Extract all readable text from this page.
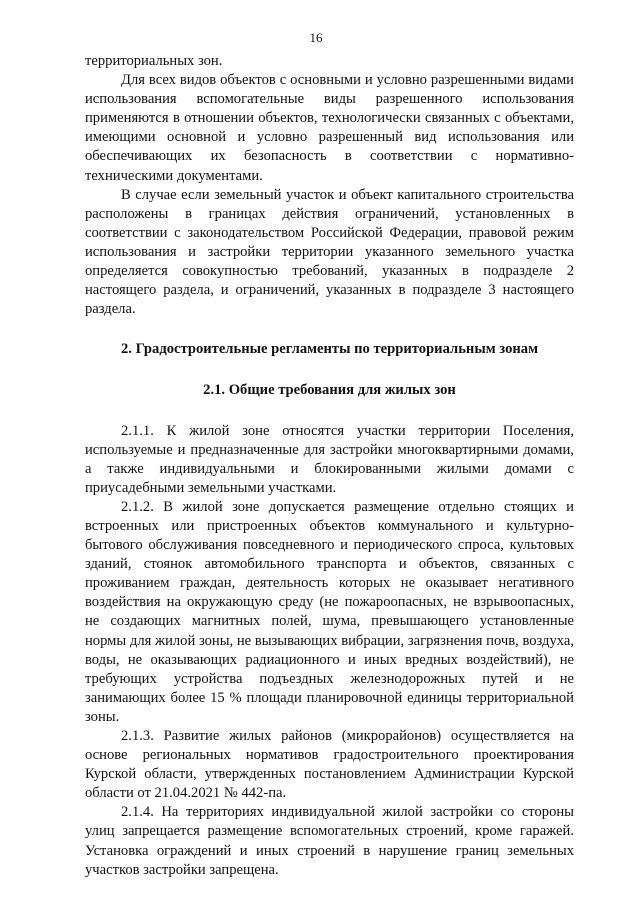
16

территориальных зон.

Для всех видов объектов с основными и условно разрешенными видами использования вспомогательные виды разрешенного использования применяются в отношении объектов, технологически связанных с объектами, имеющими основной и условно разрешенный вид использования или обеспечивающих их безопасность в соответствии с нормативно-техническими документами.

В случае если земельный участок и объект капитального строительства расположены в границах действия ограничений, установленных в соответствии с законодательством Российской Федерации, правовой режим использования и застройки территории указанного земельного участка определяется совокупностью требований, указанных в подразделе 2 настоящего раздела, и ограничений, указанных в подразделе 3 настоящего раздела.

2. Градостроительные регламенты по территориальным зонам
2.1. Общие требования для жилых зон

2.1.1. К жилой зоне относятся участки территории Поселения, используемые и предназначенные для застройки многоквартирными домами, а также индивидуальными и блокированными жилыми домами с приусадебными земельными участками.

2.1.2. В жилой зоне допускается размещение отдельно стоящих и встроенных или пристроенных объектов коммунального и культурно-бытового обслуживания повседневного и периодического спроса, культовых зданий, стоянок автомобильного транспорта и объектов, связанных с проживанием граждан, деятельность которых не оказывает негативного воздействия на окружающую среду (не пожароопасных, не взрывоопасных, не создающих магнитных полей, шума, превышающего установленные нормы для жилой зоны, не вызывающих вибрации, загрязнения почв, воздуха, воды, не оказывающих радиационного и иных вредных воздействий), не требующих устройства подъездных железнодорожных путей и не занимающих более 15 % площади планировочной единицы территориальной зоны.

2.1.3. Развитие жилых районов (микрорайонов) осуществляется на основе региональных нормативов градостроительного проектирования Курской области, утвержденных постановлением Администрации Курской области от 21.04.2021 № 442-па.

2.1.4. На территориях индивидуальной жилой застройки со стороны улиц запрещается размещение вспомогательных строений, кроме гаражей. Установка ограждений и иных строений в нарушение границ земельных участков застройки запрещена.
